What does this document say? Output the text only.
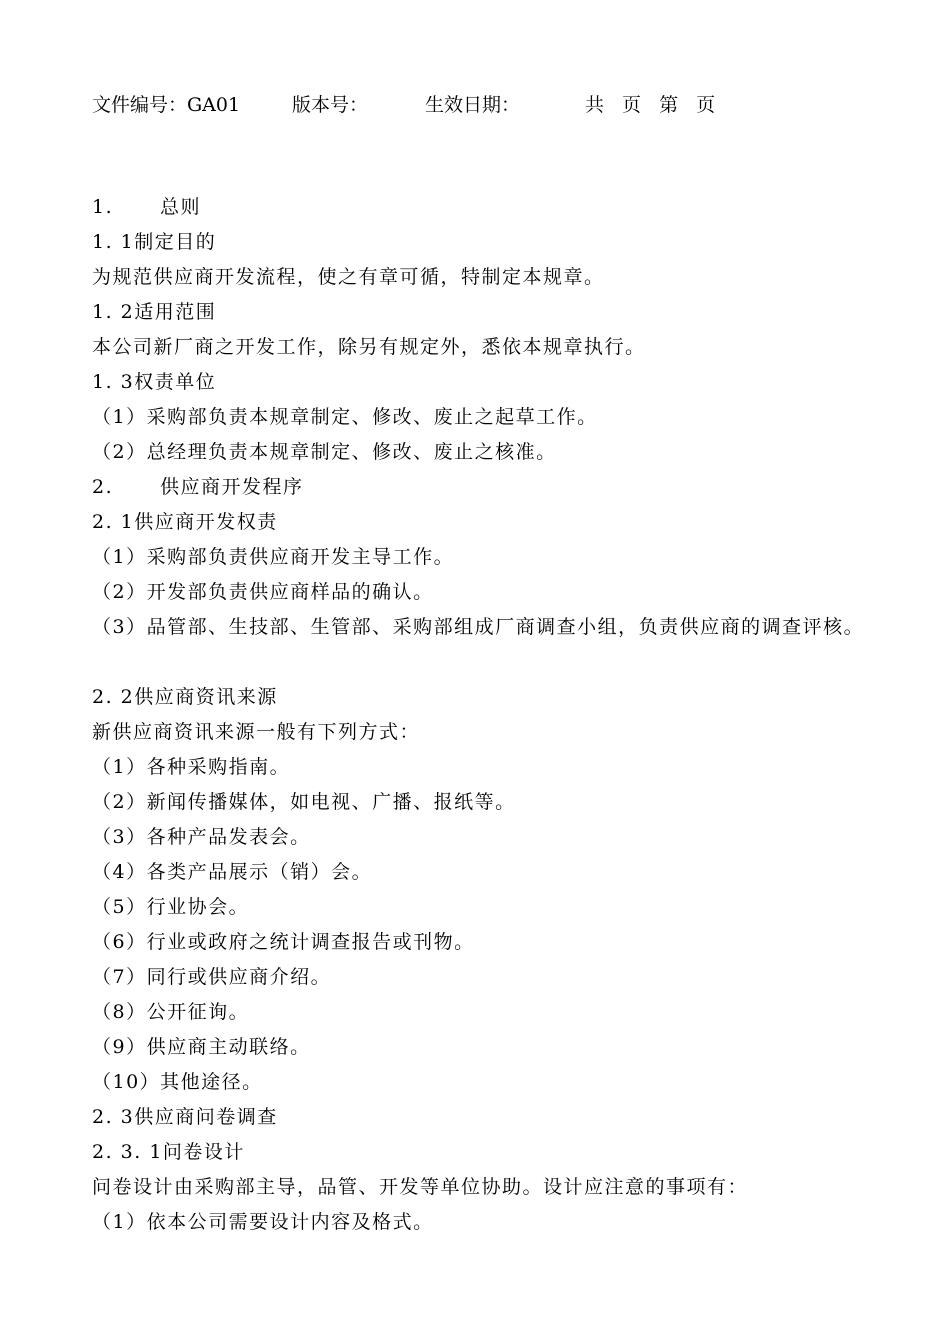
文件编号：GA01	版本号：	生效日期：	共 页 第 页
1. 总则
1. 1制定目的
为规范供应商开发流程，使之有章可循，特制定本规章。
1. 2适用范围
本公司新厂商之开发工作，除另有规定外，悉依本规章执行。
1. 3权责单位
（1）采购部负责本规章制定、修改、废止之起草工作。
（2）总经理负责本规章制定、修改、废止之核准。
2. 供应商开发程序
2. 1供应商开发权责
（1）采购部负责供应商开发主导工作。
（2）开发部负责供应商样品的确认。
（3）品管部、生技部、生管部、采购部组成厂商调查小组，负责供应商的调查评核。
2. 2供应商资讯来源
新供应商资讯来源一般有下列方式：
（1）各种采购指南。
（2）新闻传播媒体，如电视、广播、报纸等。
（3）各种产品发表会。
（4）各类产品展示（销）会。
（5）行业协会。
（6）行业或政府之统计调查报告或刊物。
（7）同行或供应商介绍。
（8）公开征询。
（9）供应商主动联络。
（10）其他途径。
2. 3供应商问卷调查
2. 3. 1问卷设计
问卷设计由采购部主导，品管、开发等单位协助。设计应注意的事项有：
（1）依本公司需要设计内容及格式。
